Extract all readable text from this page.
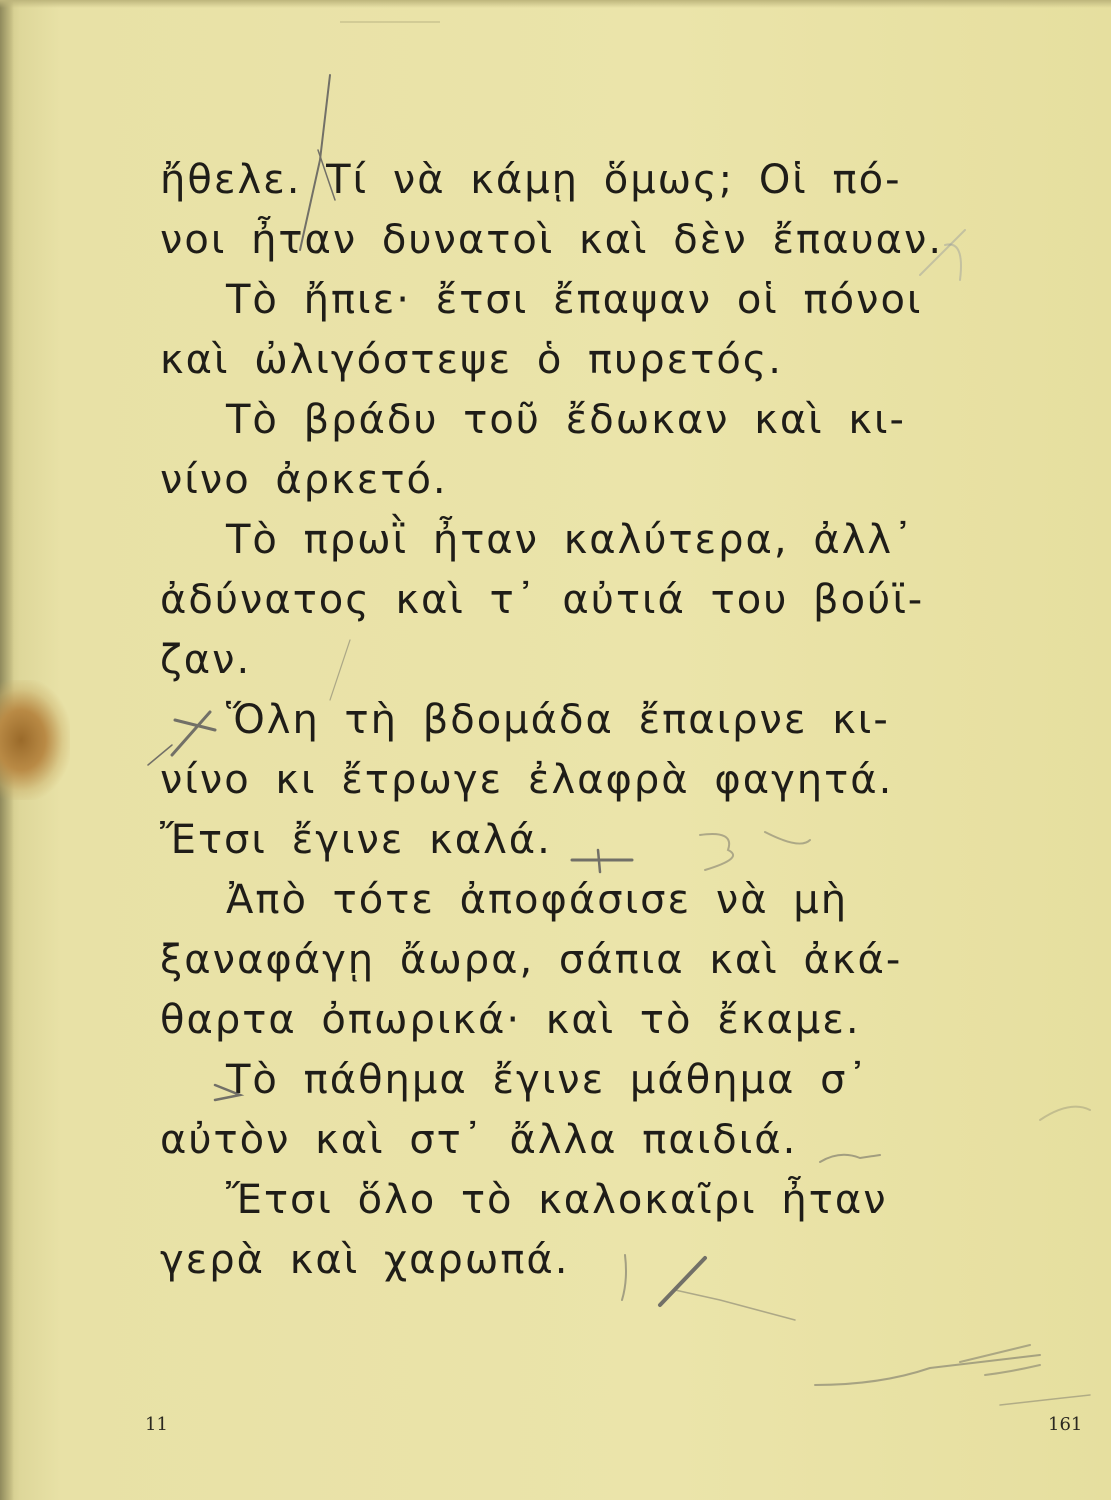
ἤθελε. Τί νὰ κάμῃ ὅμως; Οἱ πό-
νοι ἦταν δυνατοὶ καὶ δὲν ἔπαυαν.
Τὸ ἤπιε· ἔτσι ἔπαψαν οἱ πόνοι
καὶ ὠλιγόστεψε ὁ πυρετός.
Τὸ βράδυ τοῦ ἔδωκαν καὶ κι-
νίνο ἀρκετό.
Τὸ πρωῒ ἦταν καλύτερα, ἀλλ᾽
ἀδύνατος καὶ τ᾽ αὐτιά του βούϊ-
ζαν.
Ὅλη τὴ βδομάδα ἔπαιρνε κι-
νίνο κι ἔτρωγε ἐλαφρὰ φαγητά.
Ἔτσι ἔγινε καλά.
Ἀπὸ τότε ἀποφάσισε νὰ μὴ
ξαναφάγῃ ἄωρα, σάπια καὶ ἀκά-
θαρτα ὀπωρικά· καὶ τὸ ἔκαμε.
Τὸ πάθημα ἔγινε μάθημα σ᾽
αὐτὸν καὶ στ᾽ ἄλλα παιδιά.
Ἔτσι ὅλο τὸ καλοκαῖρι ἦταν
γερὰ καὶ χαρωπά.
11	161
